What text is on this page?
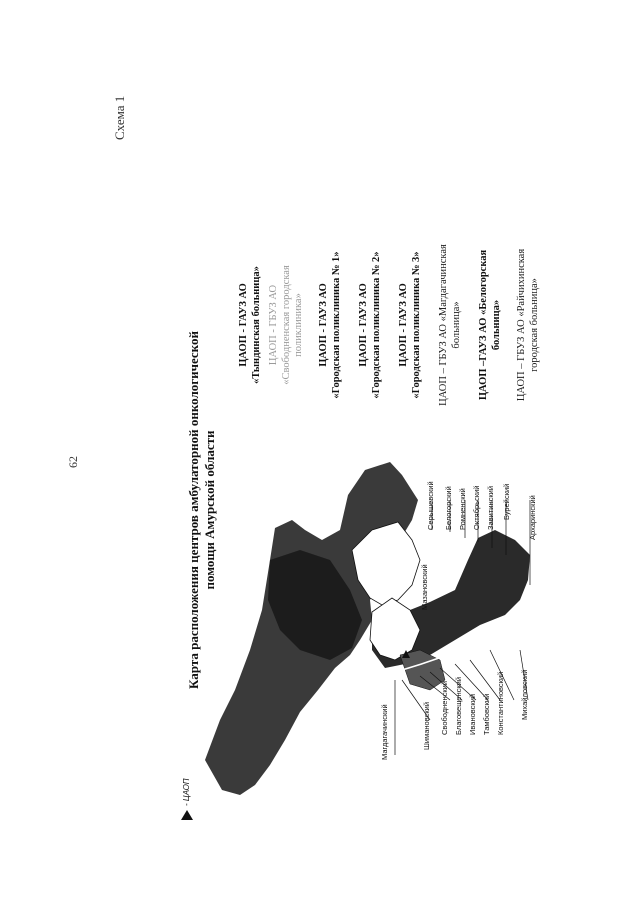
Схема 1
62	Карта расположения центров амбулаторной онкологической помощи Амурской области
ЦАОП - ГАУЗ АО «Тындинская больница» ЦАОП - ГБУЗ АО «Свободненская городская поликлиника» ЦАОП - ГАУЗ АО «Городская поликлиника № 1» ЦАОП - ГАУЗ АО «Городская поликлиника № 2» ЦАОП - ГАУЗ АО «Городская поликлиника № 3» ЦАОП – ГБУЗ АО «Магдагачинская больница» ЦАОП –ГАУЗ АО «Белогорская больница» ЦАОП – ГБУЗ АО «Райчихинская городская больница»
Магдагачинский	Шимановский Свободненский Благовещенский Ивановский Тамбовский Константиновский Михайловский
Мазановский
Серышевский Белогорский Ромненский Октябрьский Завитинский Бурейский Архаринский
- ЦАОП
